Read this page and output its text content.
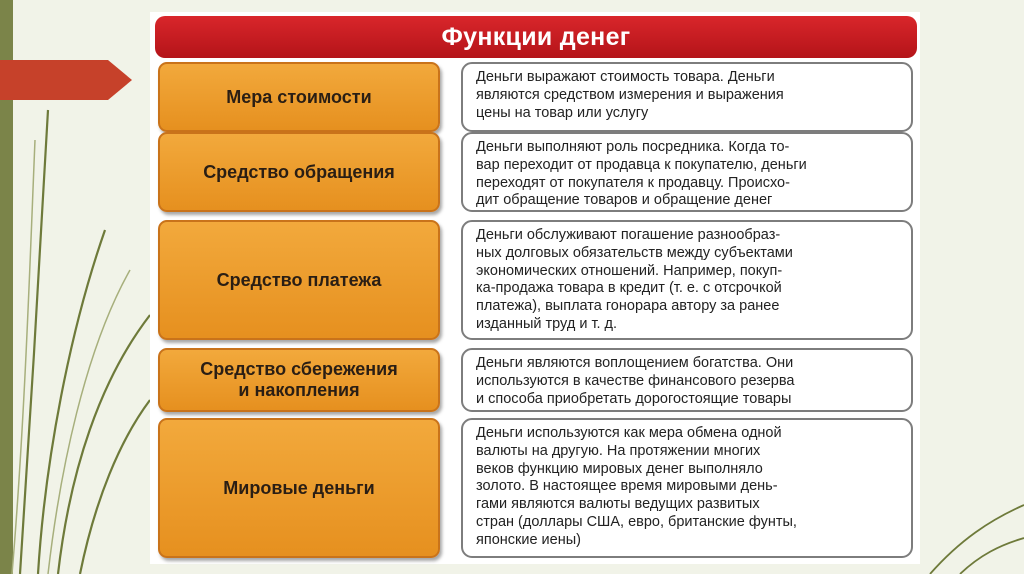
Функции денег
Мера стоимости
Деньги выражают стоимость товара. Деньги
являются средством измерения и выражения
цены на товар или услугу
Средство обращения
Деньги выполняют роль посредника. Когда то-
вар переходит от продавца к покупателю, деньги
переходят от покупателя к продавцу. Происхо-
дит обращение товаров и обращение денег
Средство платежа
Деньги обслуживают погашение разнообраз-
ных долговых обязательств между субъектами
экономических отношений. Например, покуп-
ка-продажа товара в кредит (т. е. с отсрочкой
платежа), выплата гонорара автору за ранее
изданный труд и т. д.
Средство сбережения
и накопления
Деньги являются воплощением богатства. Они
используются в качестве финансового резерва
и способа приобретать дорогостоящие товары
Мировые деньги
Деньги используются как мера обмена одной
валюты на другую. На протяжении многих
веков функцию мировых денег выполняло
золото. В настоящее время мировыми день-
гами являются валюты ведущих развитых
стран (доллары США, евро, британские фунты,
японские иены)
